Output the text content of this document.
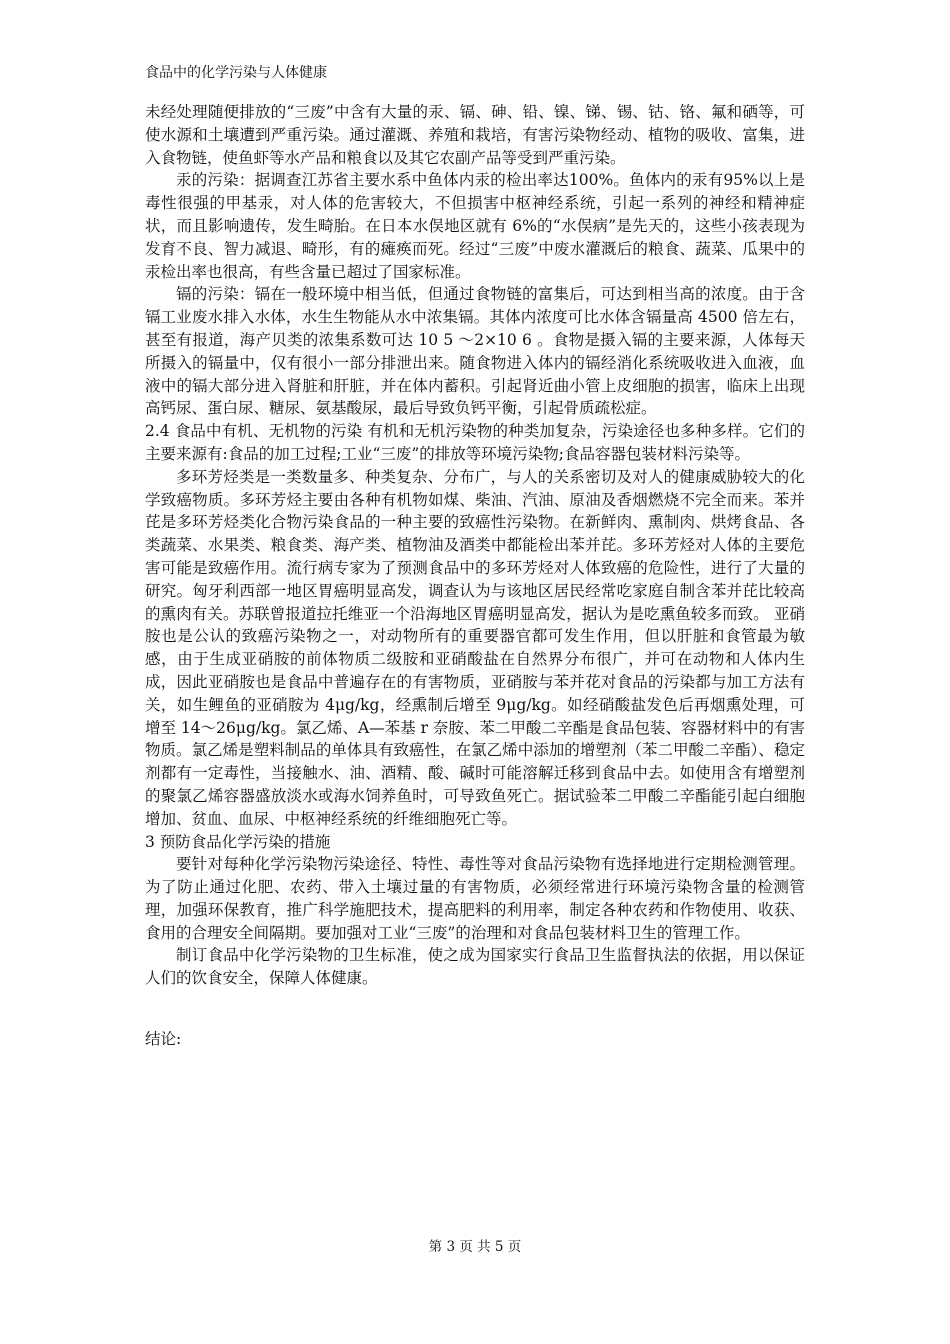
食品中的化学污染与人体健康

未经处理随便排放的“三废”中含有大量的汞、镉、砷、铅、镍、锑、锡、钴、铬、氟和硒等，可使水源和土壤遭到严重污染。通过灌溉、养殖和栽培，有害污染物经动、植物的吸收、富集，进入食物链，使鱼虾等水产品和粮食以及其它农副产品等受到严重污染。

汞的污染：据调查江苏省主要水系中鱼体内汞的检出率达100%。鱼体内的汞有95%以上是毒性很强的甲基汞，对人体的危害较大，不但损害中枢神经系统，引起一系列的神经和精神症状，而且影响遗传，发生畸胎。在日本水俣地区就有 6%的“水俣病”是先天的，这些小孩表现为发育不良、智力减退、畸形，有的瘫痪而死。经过“三废”中废水灌溉后的粮食、蔬菜、瓜果中的汞检出率也很高，有些含量已超过了国家标准。

镉的污染：镉在一般环境中相当低，但通过食物链的富集后，可达到相当高的浓度。由于含镉工业废水排入水体，水生生物能从水中浓集镉。其体内浓度可比水体含镉量高 4500 倍左右，甚至有报道，海产贝类的浓集系数可达 10 5 ～2×10 6 。食物是摄入镉的主要来源，人体每天所摄入的镉量中，仅有很小一部分排泄出来。随食物进入体内的镉经消化系统吸收进入血液，血液中的镉大部分进入肾脏和肝脏，并在体内蓄积。引起肾近曲小管上皮细胞的损害，临床上出现高钙尿、蛋白尿、糖尿、氨基酸尿，最后导致负钙平衡，引起骨质疏松症。

2.4 食品中有机、无机物的污染 有机和无机污染物的种类加复杂，污染途径也多种多样。它们的主要来源有:食品的加工过程;工业“三废”的排放等环境污染物;食品容器包装材料污染等。

多环芳烃类是一类数量多、种类复杂、分布广，与人的关系密切及对人的健康威胁较大的化学致癌物质。多环芳烃主要由各种有机物如煤、柴油、汽油、原油及香烟燃烧不完全而来。苯并芘是多环芳烃类化合物污染食品的一种主要的致癌性污染物。在新鲜肉、熏制肉、烘烤食品、各类蔬菜、水果类、粮食类、海产类、植物油及酒类中都能检出苯并芘。多环芳烃对人体的主要危害可能是致癌作用。流行病专家为了预测食品中的多环芳烃对人体致癌的危险性，进行了大量的研究。匈牙利西部一地区胃癌明显高发，调查认为与该地区居民经常吃家庭自制含苯并芘比较高的熏肉有关。苏联曾报道拉托维亚一个沿海地区胃癌明显高发，据认为是吃熏鱼较多而致。 亚硝胺也是公认的致癌污染物之一，对动物所有的重要器官都可发生作用，但以肝脏和食管最为敏感，由于生成亚硝胺的前体物质二级胺和亚硝酸盐在自然界分布很广，并可在动物和人体内生成，因此亚硝胺也是食品中普遍存在的有害物质，亚硝胺与苯并花对食品的污染都与加工方法有关，如生鲤鱼的亚硝胺为 4μg/kg，经熏制后增至 9μg/kg。如经硝酸盐发色后再烟熏处理，可增至 14～26μg/kg。氯乙烯、A—苯基 r 奈胺、苯二甲酸二辛酯是食品包装、容器材料中的有害物质。氯乙烯是塑料制品的单体具有致癌性，在氯乙烯中添加的增塑剂（苯二甲酸二辛酯）、稳定剂都有一定毒性，当接触水、油、酒精、酸、碱时可能溶解迁移到食品中去。如使用含有增塑剂的聚氯乙烯容器盛放淡水或海水饲养鱼时，可导致鱼死亡。据试验苯二甲酸二辛酯能引起白细胞增加、贫血、血尿、中枢神经系统的纤维细胞死亡等。

3 预防食品化学污染的措施

要针对每种化学污染物污染途径、特性、毒性等对食品污染物有选择地进行定期检测管理。为了防止通过化肥、农药、带入土壤过量的有害物质，必须经常进行环境污染物含量的检测管理，加强环保教育，推广科学施肥技术，提高肥料的利用率，制定各种农药和作物使用、收获、食用的合理安全间隔期。要加强对工业“三废”的治理和对食品包装材料卫生的管理工作。

制订食品中化学污染物的卫生标准，使之成为国家实行食品卫生监督执法的依据，用以保证人们的饮食安全，保障人体健康。

结论:

第 3 页 共 5 页
